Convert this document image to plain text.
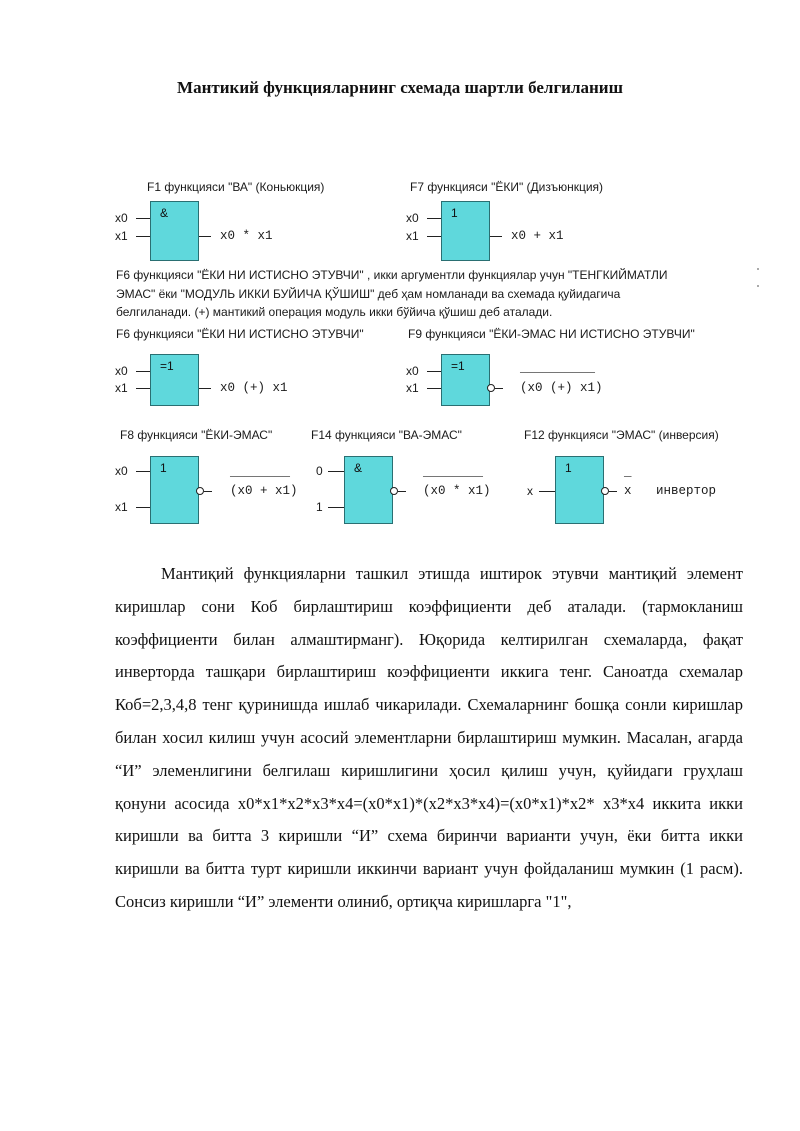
Мантикий функцияларнинг схемада шартли белгиланиш
F1 функцияси "ВА" (Коньюкция)
x0
x1
&
x0 * x1
F7 функцияси "ЁКИ" (Дизъюнкция)
x0
x1
1
x0 + x1
F6 функцияси "ЁКИ НИ ИСТИСНО ЭТУВЧИ" , икки аргументли функциялар учун "ТЕНГКИЙМАТЛИ
ЭМАС" ёки "МОДУЛЬ ИККИ БУЙИЧА ҚЎШИШ" деб ҳам номланади ва схемада қуйидагича
белгиланади. (+) мантикий операция модуль икки бўйича қўшиш деб аталади.
F6 функцияси "ЁКИ НИ ИСТИСНО ЭТУВЧИ"
x0
x1
=1
x0 (+) x1
F9 функцияси "ЁКИ-ЭМАС НИ ИСТИСНО ЭТУВЧИ"
x0
x1
=1	__________
(x0 (+) x1)
F8 функцияси "ЁКИ-ЭМАС"
x0
x1
1	________
(x0 + x1)
F14 функцияси "ВА-ЭМАС"
0
1
&	________
(x0 * x1)
F12 функцияси "ЭМАС" (инверсия)
x
1	_
x инвертор
Мантиқий функцияларни ташкил этишда иштирок этувчи мантиқий элемент киришлар сони Коб бирлаштириш коэффициенти деб аталади. (тармокланиш коэффициенти билан алмаштирманг). Юқорида келтирилган схемаларда, фақат инверторда ташқари бирлаштириш коэффициенти иккига тенг. Саноатда схемалар Коб=2,3,4,8 тенг қуринишда ишлаб чикарилади. Схемаларнинг бошқа сонли киришлар билан хосил килиш учун асосий элементларни бирлаштириш мумкин. Масалан, агарда “И” элеменлигини белгилаш киришлигини ҳосил қилиш учун, қуйидаги груҳлаш қонуни асосида x0*x1*x2*x3*x4=(x0*x1)*(x2*x3*x4)=(x0*x1)*x2* x3*x4 иккита икки киришли ва битта 3 киришли “И” схема биринчи варианти учун, ёки битта икки киришли ва битта турт киришли иккинчи вариант учун фойдаланиш мумкин (1 расм). Сонсиз киришли “И” элементи олиниб, ортиқча киришларга "1",
